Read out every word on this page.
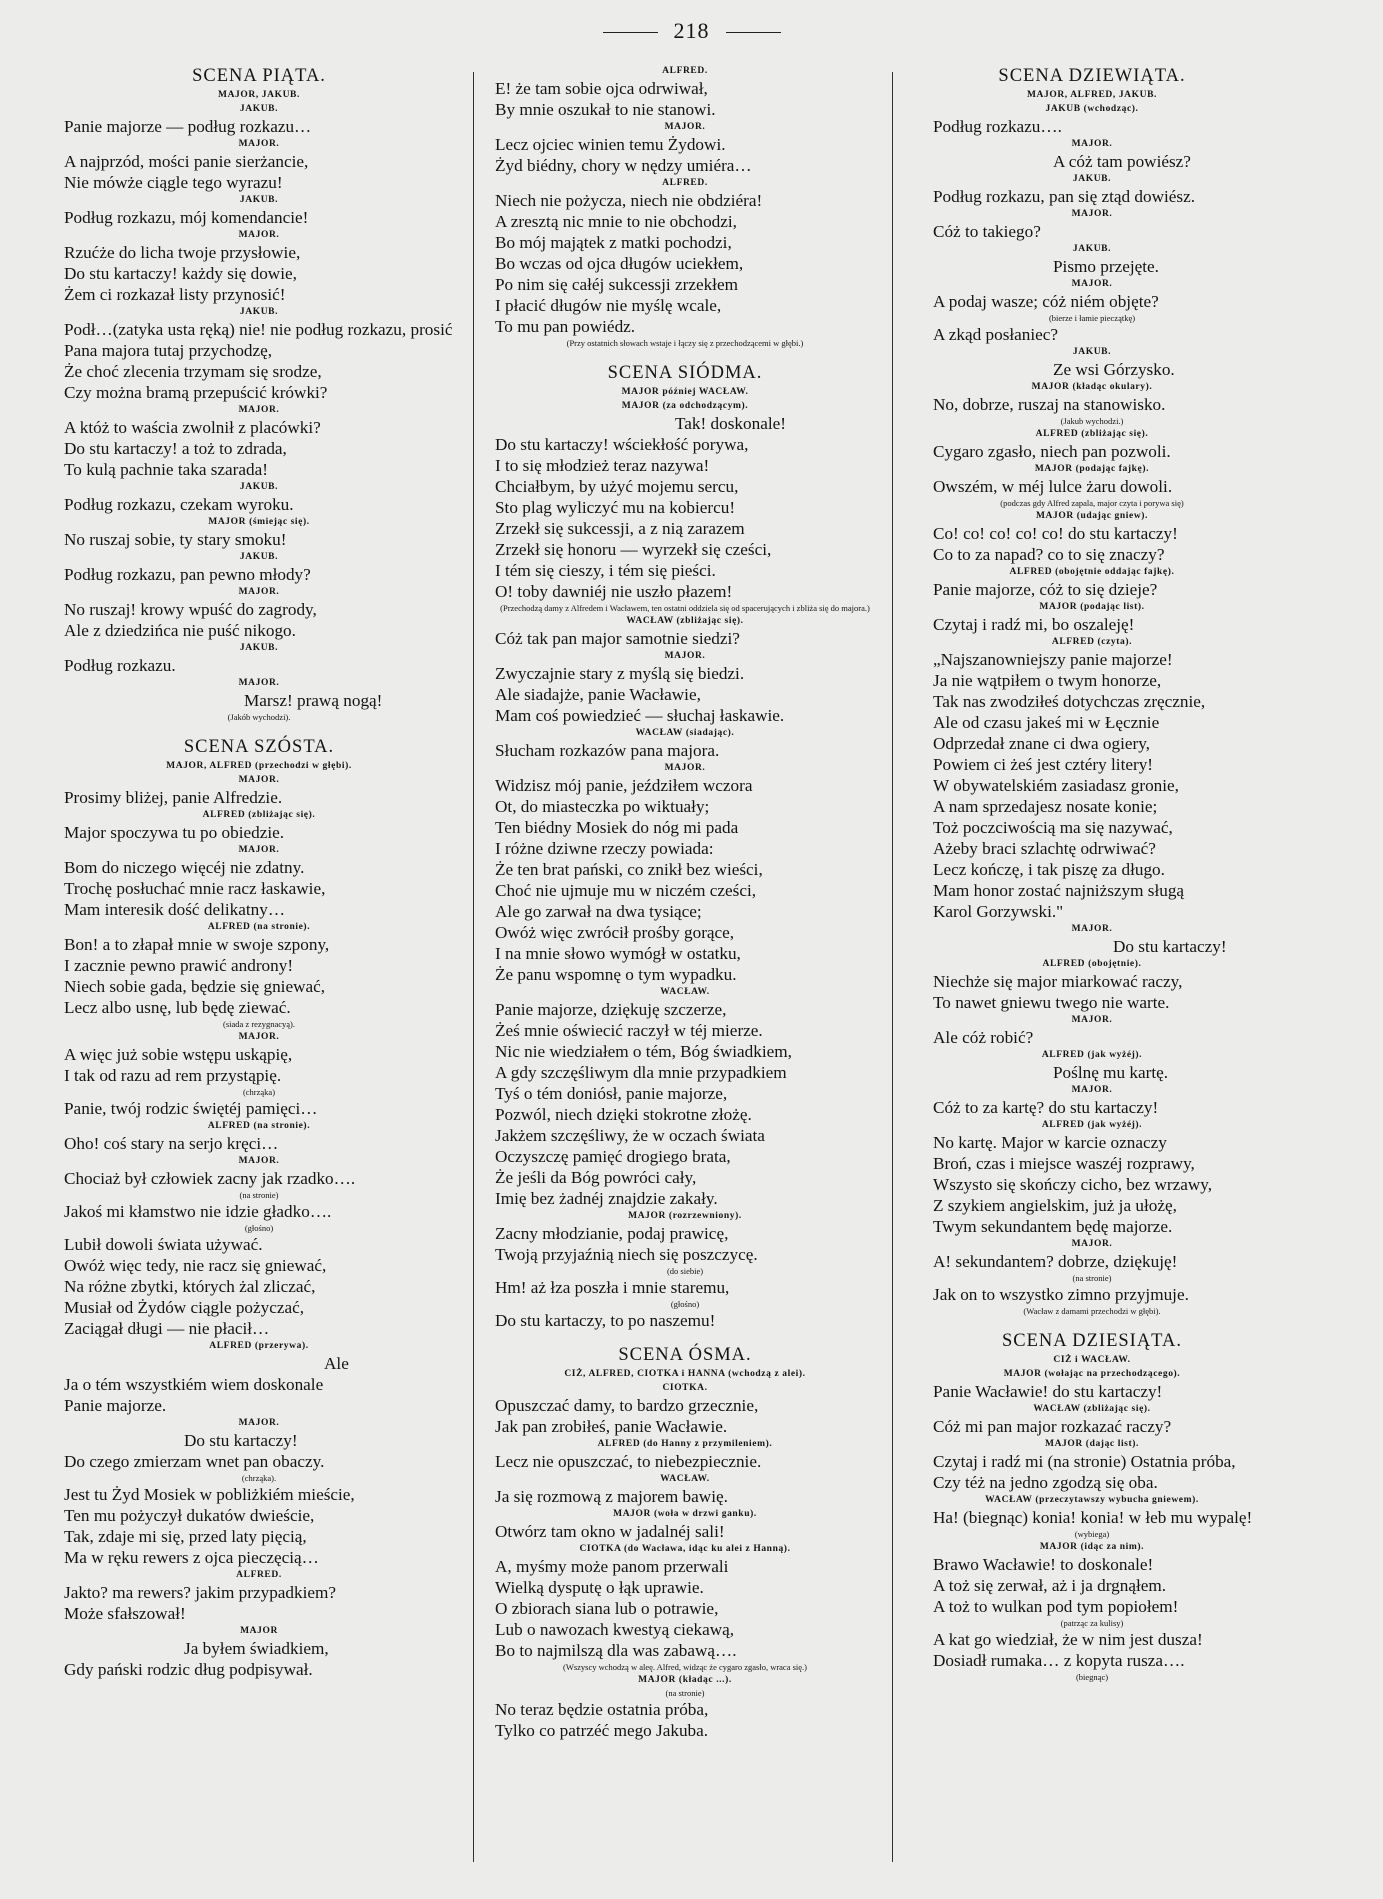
218
SCENA PIĄTA.
MAJOR, JAKUB.
JAKUB.
Panie majorze — podług rozkazu…
MAJOR.
A najprzód, mości panie sierżancie,
Nie mówże ciągle tego wyrazu!
JAKUB.
Podług rozkazu, mój komendancie!
MAJOR.
Rzućże do licha twoje przysłowie,
Do stu kartaczy! każdy się dowie,
Żem ci rozkazał listy przynosić!
JAKUB.
Podł…(zatyka usta ręką) nie! nie podług rozkazu, prosić
Pana majora tutaj przychodzę,
Że choć zlecenia trzymam się srodze,
Czy można bramą przepuścić krówki?
MAJOR.
A któż to waścia zwolnił z placówki?
Do stu kartaczy! a toż to zdrada,
To kulą pachnie taka szarada!
JAKUB.
Podług rozkazu, czekam wyroku.
MAJOR (śmiejąc się).
No ruszaj sobie, ty stary smoku!
JAKUB.
Podług rozkazu, pan pewno młody?
MAJOR.
No ruszaj! krowy wpuść do zagrody,
Ale z dziedzińca nie puść nikogo.
JAKUB.
Podług rozkazu.
MAJOR.
Marsz! prawą nogą!
(Jakób wychodzi).
SCENA SZÓSTA.
MAJOR, ALFRED (przechodzi w głębi).
MAJOR.
Prosimy bliżej, panie Alfredzie.
ALFRED (zbliżając się).
Major spoczywa tu po obiedzie.
MAJOR.
Bom do niczego więcéj nie zdatny.
Trochę posłuchać mnie racz łaskawie,
Mam interesik dość delikatny…
ALFRED (na stronie).
Bon! a to złapał mnie w swoje szpony,
I zacznie pewno prawić androny!
Niech sobie gada, będzie się gniewać,
Lecz albo usnę, lub będę ziewać.
(siada z rezygnacyą).
MAJOR.
A więc już sobie wstępu uskąpię,
I tak od razu ad rem przystąpię.
(chrząka)
Panie, twój rodzic świętéj pamięci…
ALFRED (na stronie).
Oho! coś stary na serjo kręci…
MAJOR.
Chociaż był człowiek zacny jak rzadko….
(na stronie)
Jakoś mi kłamstwo nie idzie gładko….
(głośno)
Lubił dowoli świata używać.
Owóż więc tedy, nie racz się gniewać,
Na różne zbytki, których żal zliczać,
Musiał od Żydów ciągle pożyczać,
Zaciągał długi — nie płacił…
ALFRED (przerywa).
Ale
Ja o tém wszystkiém wiem doskonale
Panie majorze.
MAJOR.
Do stu kartaczy!
Do czego zmierzam wnet pan obaczy.
(chrząka).
Jest tu Żyd Mosiek w pobliżkiém mieście,
Ten mu pożyczył dukatów dwieście,
Tak, zdaje mi się, przed laty pięcią,
Ma w ręku rewers z ojca pieczęcią…
ALFRED.
Jakto? ma rewers? jakim przypadkiem?
Może sfałszował!
MAJOR
Ja byłem świadkiem,
Gdy pański rodzic dług podpisywał.
ALFRED.
E! że tam sobie ojca odrwiwał,
By mnie oszukał to nie stanowi.
MAJOR.
Lecz ojciec winien temu Żydowi.
Żyd biédny, chory w nędzy umiéra…
ALFRED.
Niech nie pożycza, niech nie obdziéra!
A zresztą nic mnie to nie obchodzi,
Bo mój majątek z matki pochodzi,
Bo wczas od ojca długów uciekłem,
Po nim się całéj sukcessji zrzekłem
I płacić długów nie myślę wcale,
To mu pan powiédz.
(Przy ostatnich słowach wstaje i łączy się z przechodzącemi w głębi.)
SCENA SIÓDMA.
MAJOR później WACŁAW.
MAJOR (za odchodzącym).
Tak! doskonale!
Do stu kartaczy! wściekłość porywa,
I to się młodzież teraz nazywa!
Chciałbym, by użyć mojemu sercu,
Sto plag wyliczyć mu na kobiercu!
Zrzekł się sukcessji, a z nią zarazem
Zrzekł się honoru — wyrzekł się cześci,
I tém się cieszy, i tém się pieści.
O! toby dawniéj nie uszło płazem!
(Przechodzą damy z Alfredem i Wacławem, ten ostatni oddziela się od spacerujących i zbliża się do majora.)
WACŁAW (zbliżając się).
Cóż tak pan major samotnie siedzi?
MAJOR.
Zwyczajnie stary z myślą się biedzi.
Ale siadajże, panie Wacławie,
Mam coś powiedzieć — słuchaj łaskawie.
WACŁAW (siadając).
Słucham rozkazów pana majora.
MAJOR.
Widzisz mój panie, jeździłem wczora
Ot, do miasteczka po wiktuały;
Ten biédny Mosiek do nóg mi pada
I różne dziwne rzeczy powiada:
Że ten brat pański, co znikł bez wieści,
Choć nie ujmuje mu w niczém cześci,
Ale go zarwał na dwa tysiące;
Owóż więc zwrócił prośby gorące,
I na mnie słowo wymógł w ostatku,
Że panu wspomnę o tym wypadku.
WACŁAW.
Panie majorze, dziękuję szczerze,
Żeś mnie oświecić raczył w téj mierze.
Nic nie wiedziałem o tém, Bóg świadkiem,
A gdy szczęśliwym dla mnie przypadkiem
Tyś o tém doniósł, panie majorze,
Pozwól, niech dzięki stokrotne złożę.
Jakżem szczęśliwy, że w oczach świata
Oczyszczę pamięć drogiego brata,
Że jeśli da Bóg powróci cały,
Imię bez żadnéj znajdzie zakały.
MAJOR (rozrzewniony).
Zacny młodzianie, podaj prawicę,
Twoją przyjaźnią niech się poszczycę.
(do siebie)
Hm! aż łza poszła i mnie staremu,
(głośno)
Do stu kartaczy, to po naszemu!
SCENA ÓSMA.
CIŻ, ALFRED, CIOTKA i HANNA (wchodzą z alei).
CIOTKA.
Opuszczać damy, to bardzo grzecznie,
Jak pan zrobiłeś, panie Wacławie.
ALFRED (do Hanny z przymileniem).
Lecz nie opuszczać, to niebezpiecznie.
WACŁAW.
Ja się rozmową z majorem bawię.
MAJOR (woła w drzwi ganku).
Otwórz tam okno w jadalnéj sali!
CIOTKA (do Wacława, idąc ku alei z Hanną).
A, myśmy może panom przerwali
Wielką dysputę o łąk uprawie.
O zbiorach siana lub o potrawie,
Lub o nawozach kwestyą ciekawą,
Bo to najmilszą dla was zabawą….
(Wszyscy wchodzą w aleę. Alfred, widząc że cygaro zgasło, wraca się.)
MAJOR (kładąc ...).
(na stronie)
No teraz będzie ostatnia próba,
Tylko co patrzéć mego Jakuba.
SCENA DZIEWIĄTA.
MAJOR, ALFRED, JAKUB.
JAKUB (wchodząc).
Podług rozkazu….
MAJOR.
A cóż tam powiész?
JAKUB.
Podług rozkazu, pan się ztąd dowiész.
MAJOR.
Cóż to takiego?
JAKUB.
Pismo przejęte.
MAJOR.
A podaj wasze; cóż niém objęte?
(bierze i łamie pieczątkę)
A zkąd posłaniec?
JAKUB.
Ze wsi Górzysko.
MAJOR (kładąc okulary).
No, dobrze, ruszaj na stanowisko.
(Jakub wychodzi.)
ALFRED (zbliżając się).
Cygaro zgasło, niech pan pozwoli.
MAJOR (podając fajkę).
Owszém, w méj lulce żaru dowoli.
(podczas gdy Alfred zapala, major czyta i porywa się)
MAJOR (udając gniew).
Co! co! co! co! co! do stu kartaczy!
Co to za napad? co to się znaczy?
ALFRED (obojętnie oddając fajkę).
Panie majorze, cóż to się dzieje?
MAJOR (podając list).
Czytaj i radź mi, bo oszaleję!
ALFRED (czyta).
„Najszanowniejszy panie majorze!
Ja nie wątpiłem o twym honorze,
Tak nas zwodziłeś dotychczas zręcznie,
Ale od czasu jakeś mi w Łęcznie
Odprzedał znane ci dwa ogiery,
Powiem ci żeś jest cztéry litery!
W obywatelskiém zasiadasz gronie,
A nam sprzedajesz nosate konie;
Toż poczciwością ma się nazywać,
Ażeby braci szlachtę odrwiwać?
Lecz kończę, i tak piszę za długo.
Mam honor zostać najniższym sługą
Karol Gorzywski."
MAJOR.
Do stu kartaczy!
ALFRED (obojętnie).
Niechże się major miarkować raczy,
To nawet gniewu twego nie warte.
MAJOR.
Ale cóż robić?
ALFRED (jak wyżéj).
Poślnę mu kartę.
MAJOR.
Cóż to za kartę? do stu kartaczy!
ALFRED (jak wyżéj).
No kartę. Major w karcie oznaczy
Broń, czas i miejsce waszéj rozprawy,
Wszysto się skończy cicho, bez wrzawy,
Z szykiem angielskim, już ja ułożę,
Twym sekundantem będę majorze.
MAJOR.
A! sekundantem? dobrze, dziękuję!
(na stronie)
Jak on to wszystko zimno przyjmuje.
(Wacław z damami przechodzi w głębi).
SCENA DZIESIĄTA.
CIŻ i WACŁAW.
MAJOR (wołając na przechodzącego).
Panie Wacławie! do stu kartaczy!
WACŁAW (zbliżając się).
Cóż mi pan major rozkazać raczy?
MAJOR (dając list).
Czytaj i radź mi (na stronie) Ostatnia próba,
Czy téż na jedno zgodzą się oba.
WACŁAW (przeczytawszy wybucha gniewem).
Ha! (biegnąc) konia! konia! w łeb mu wypalę!
(wybiega)
MAJOR (idąc za nim).
Brawo Wacławie! to doskonale!
A toż się zerwał, aż i ja drgnąłem.
A toż to wulkan pod tym popiołem!
(patrząc za kulisy)
A kat go wiedział, że w nim jest dusza!
Dosiadł rumaka… z kopyta rusza….
(biegnąc)
